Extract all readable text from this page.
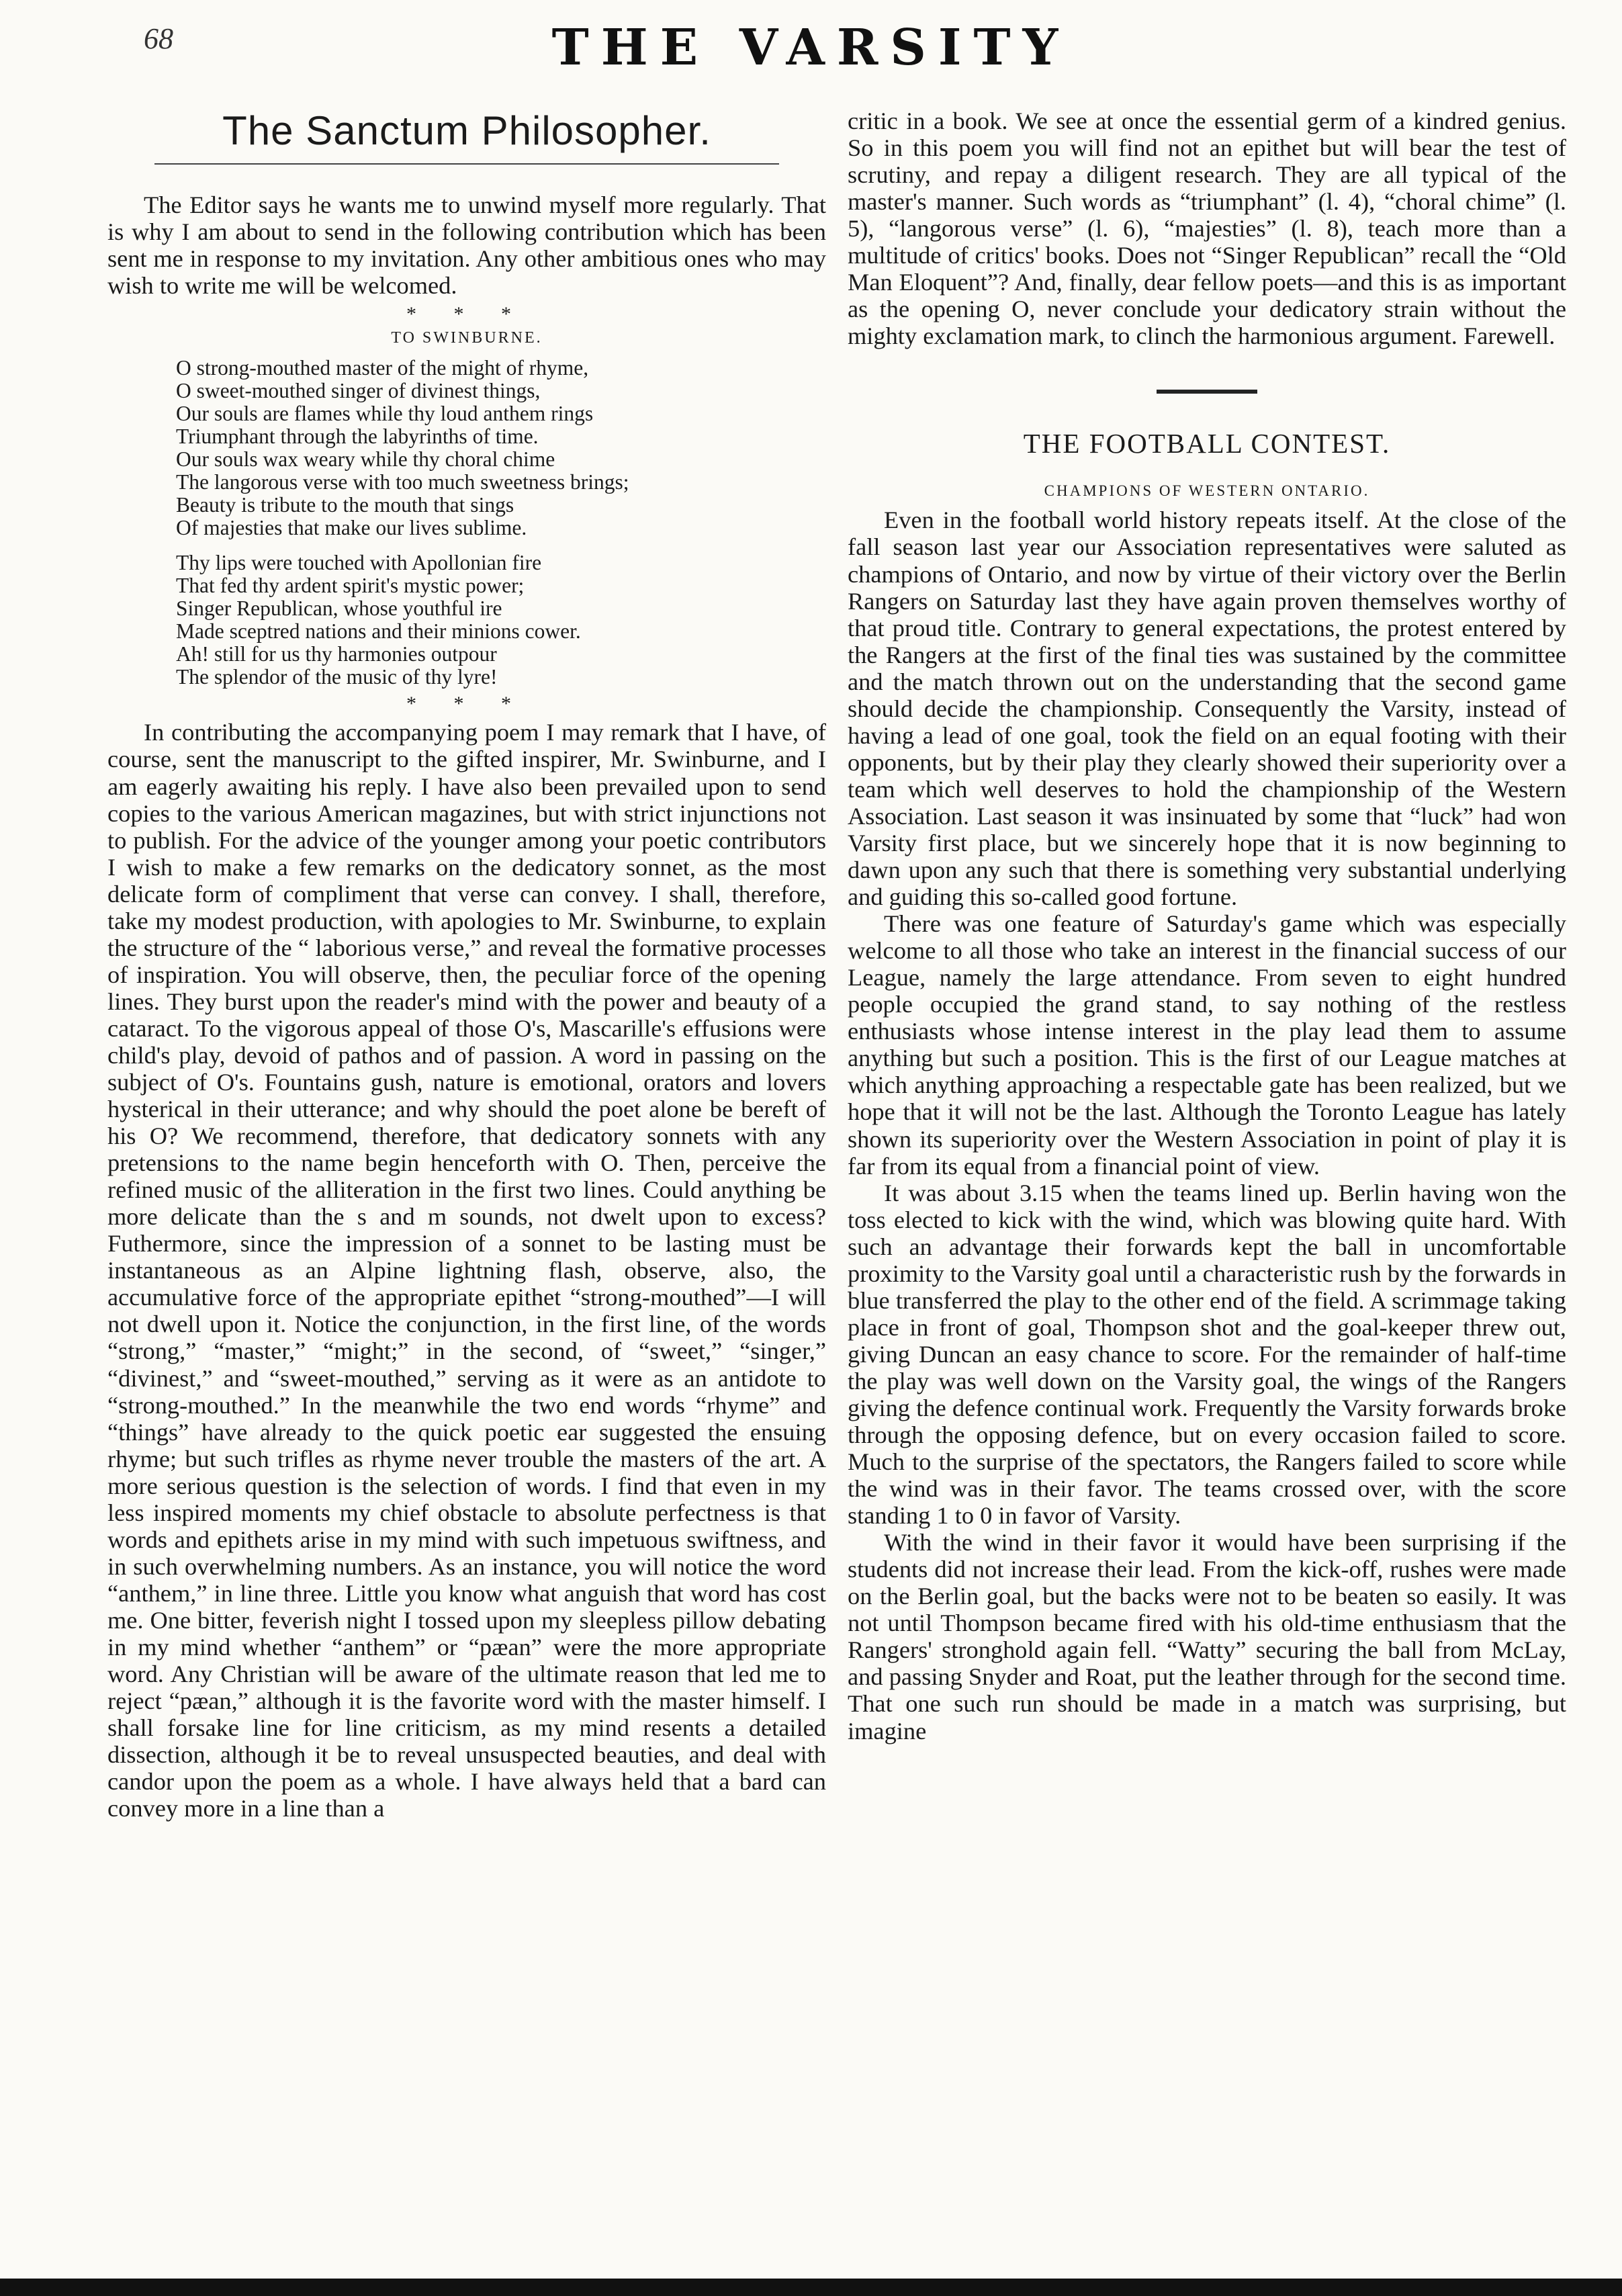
68	THE VARSITY
The Sanctum Philosopher.

The Editor says he wants me to unwind myself more regularly. That is why I am about to send in the following contribution which has been sent me in response to my invitation. Any other ambitious ones who may wish to write me will be welcomed.

* * *
TO SWINBURNE.
O strong-mouthed master of the might of rhyme,
O sweet-mouthed singer of divinest things,
Our souls are flames while thy loud anthem rings
Triumphant through the labyrinths of time.
Our souls wax weary while thy choral chime
The langorous verse with too much sweetness brings;
Beauty is tribute to the mouth that sings
Of majesties that make our lives sublime.
Thy lips were touched with Apollonian fire
That fed thy ardent spirit's mystic power;
Singer Republican, whose youthful ire
Made sceptred nations and their minions cower.
Ah! still for us thy harmonies outpour
The splendor of the music of thy lyre!
* * *

In contributing the accompanying poem I may remark that I have, of course, sent the manuscript to the gifted inspirer, Mr. Swinburne, and I am eagerly awaiting his reply. I have also been prevailed upon to send copies to the various American magazines, but with strict injunctions not to publish. For the advice of the younger among your poetic contributors I wish to make a few remarks on the dedicatory sonnet, as the most delicate form of compliment that verse can convey. I shall, therefore, take my modest production, with apologies to Mr. Swinburne, to explain the structure of the “ laborious verse,” and reveal the formative processes of inspiration. You will observe, then, the peculiar force of the opening lines. They burst upon the reader's mind with the power and beauty of a cataract. To the vigorous appeal of those O's, Mascarille's effusions were child's play, devoid of pathos and of passion. A word in passing on the subject of O's. Fountains gush, nature is emotional, orators and lovers hysterical in their utterance; and why should the poet alone be bereft of his O? We recommend, therefore, that dedicatory sonnets with any pretensions to the name begin henceforth with O. Then, perceive the refined music of the alliteration in the first two lines. Could anything be more delicate than the s and m sounds, not dwelt upon to excess? Futhermore, since the impression of a sonnet to be lasting must be instantaneous as an Alpine lightning flash, observe, also, the accumulative force of the appropriate epithet “strong-mouthed”—I will not dwell upon it. Notice the conjunction, in the first line, of the words “strong,” “master,” “might;” in the second, of “sweet,” “singer,” “divinest,” and “sweet-mouthed,” serving as it were as an antidote to “strong-mouthed.” In the meanwhile the two end words “rhyme” and “things” have already to the quick poetic ear suggested the ensuing rhyme; but such trifles as rhyme never trouble the masters of the art. A more serious question is the selection of words. I find that even in my less inspired moments my chief obstacle to absolute perfectness is that words and epithets arise in my mind with such impetuous swiftness, and in such overwhelming numbers. As an instance, you will notice the word “anthem,” in line three. Little you know what anguish that word has cost me. One bitter, feverish night I tossed upon my sleepless pillow debating in my mind whether “anthem” or “pæan” were the more appropriate word. Any Christian will be aware of the ultimate reason that led me to reject “pæan,” although it is the favorite word with the master himself. I shall forsake line for line criticism, as my mind resents a detailed dissection, although it be to reveal unsuspected beauties, and deal with candor upon the poem as a whole. I have always held that a bard can convey more in a line than a

critic in a book. We see at once the essential germ of a kindred genius. So in this poem you will find not an epithet but will bear the test of scrutiny, and repay a diligent research. They are all typical of the master's manner. Such words as “triumphant” (l. 4), “choral chime” (l. 5), “langorous verse” (l. 6), “majesties” (l. 8), teach more than a multitude of critics' books. Does not “Singer Republican” recall the “Old Man Eloquent”? And, finally, dear fellow poets—and this is as important as the opening O, never conclude your dedicatory strain without the mighty exclamation mark, to clinch the harmonious argument. Farewell.

THE FOOTBALL CONTEST.
CHAMPIONS OF WESTERN ONTARIO.

Even in the football world history repeats itself. At the close of the fall season last year our Association representatives were saluted as champions of Ontario, and now by virtue of their victory over the Berlin Rangers on Saturday last they have again proven themselves worthy of that proud title. Contrary to general expectations, the protest entered by the Rangers at the first of the final ties was sustained by the committee and the match thrown out on the understanding that the second game should decide the championship. Consequently the Varsity, instead of having a lead of one goal, took the field on an equal footing with their opponents, but by their play they clearly showed their superiority over a team which well deserves to hold the championship of the Western Association. Last season it was insinuated by some that “luck” had won Varsity first place, but we sincerely hope that it is now beginning to dawn upon any such that there is something very substantial underlying and guiding this so-called good fortune.

There was one feature of Saturday's game which was especially welcome to all those who take an interest in the financial success of our League, namely the large attendance. From seven to eight hundred people occupied the grand stand, to say nothing of the restless enthusiasts whose intense interest in the play lead them to assume anything but such a position. This is the first of our League matches at which anything approaching a respectable gate has been realized, but we hope that it will not be the last. Although the Toronto League has lately shown its superiority over the Western Association in point of play it is far from its equal from a financial point of view.

It was about 3.15 when the teams lined up. Berlin having won the toss elected to kick with the wind, which was blowing quite hard. With such an advantage their forwards kept the ball in uncomfortable proximity to the Varsity goal until a characteristic rush by the forwards in blue transferred the play to the other end of the field. A scrimmage taking place in front of goal, Thompson shot and the goal-keeper threw out, giving Duncan an easy chance to score. For the remainder of half-time the play was well down on the Varsity goal, the wings of the Rangers giving the defence continual work. Frequently the Varsity forwards broke through the opposing defence, but on every occasion failed to score. Much to the surprise of the spectators, the Rangers failed to score while the wind was in their favor. The teams crossed over, with the score standing 1 to 0 in favor of Varsity.

With the wind in their favor it would have been surprising if the students did not increase their lead. From the kick-off, rushes were made on the Berlin goal, but the backs were not to be beaten so easily. It was not until Thompson became fired with his old-time enthusiasm that the Rangers' stronghold again fell. “Watty” securing the ball from McLay, and passing Snyder and Roat, put the leather through for the second time. That one such run should be made in a match was surprising, but imagine
